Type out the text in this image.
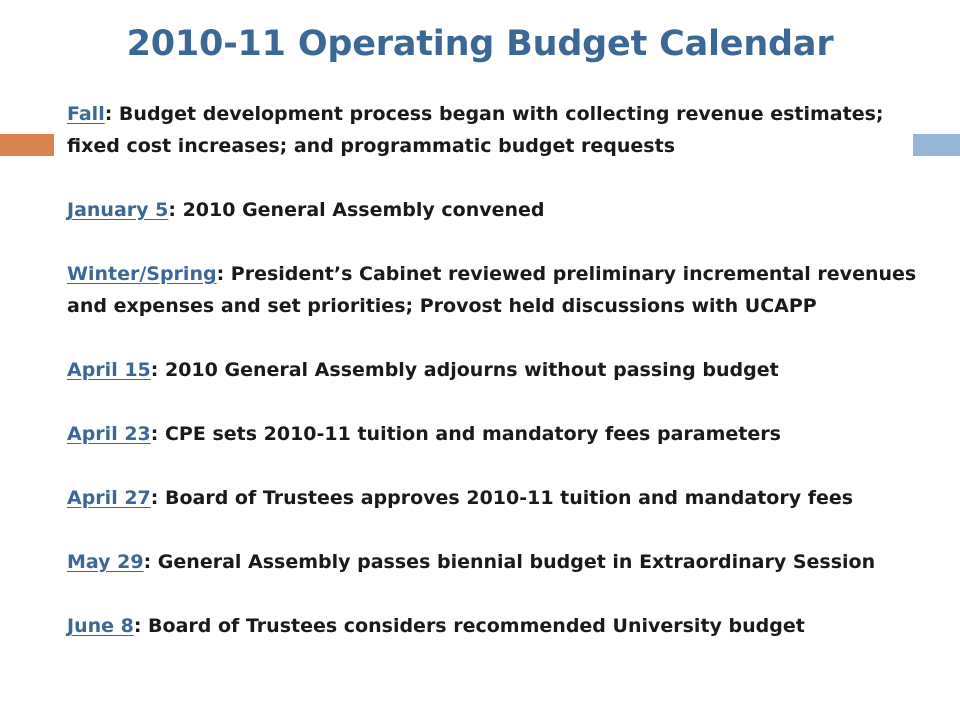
2010-11 Operating Budget Calendar
Fall: Budget development process began with collecting revenue estimates; fixed cost increases; and programmatic budget requests
January 5: 2010 General Assembly convened
Winter/Spring: President’s Cabinet reviewed preliminary incremental revenues and expenses and set priorities; Provost held discussions with UCAPP
April 15: 2010 General Assembly adjourns without passing budget
April 23: CPE sets 2010-11 tuition and mandatory fees parameters
April 27: Board of Trustees approves 2010-11 tuition and mandatory fees
May 29: General Assembly passes biennial budget in Extraordinary Session
June 8: Board of Trustees considers recommended University budget
